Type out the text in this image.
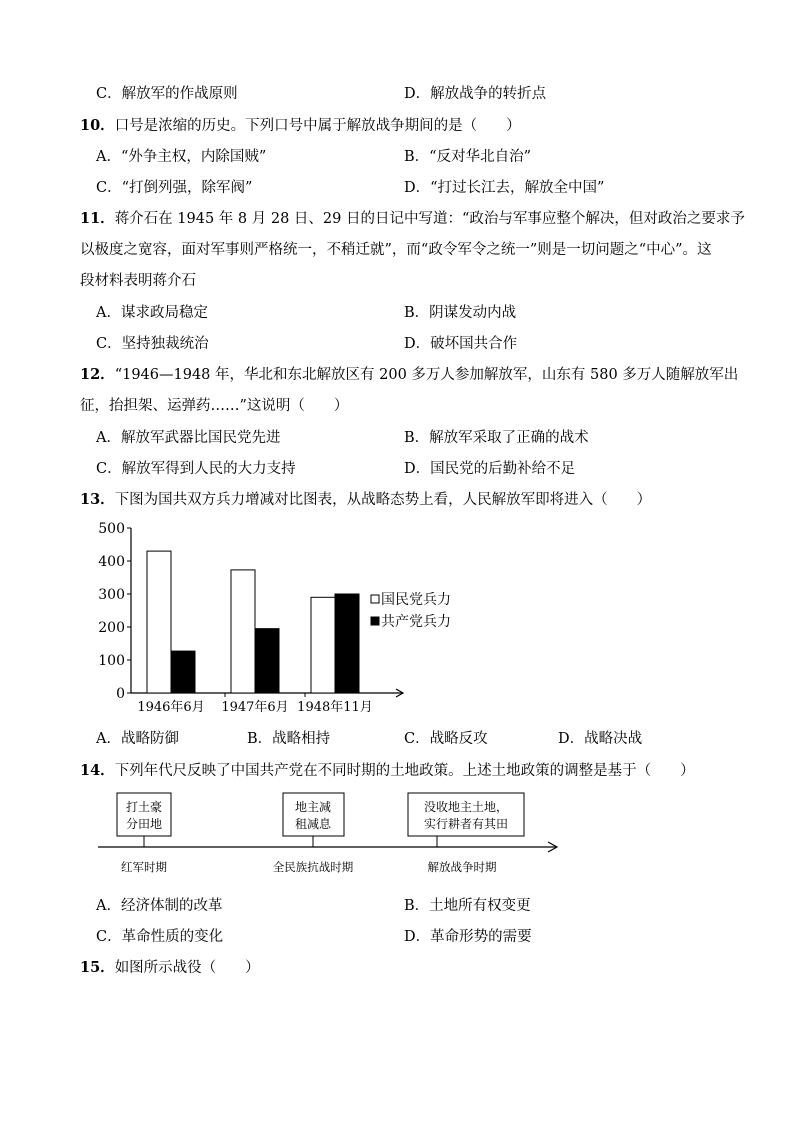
C．解放军的作战原则	D．解放战争的转折点
10．口号是浓缩的历史。下列口号中属于解放战争期间的是（　　）
A．“外争主权，内除国贼”	B．“反对华北自治”
C．“打倒列强，除军阀”	D．“打过长江去，解放全中国”
11．蒋介石在 1945 年 8 月 28 日、29 日的日记中写道：“政治与军事应整个解决，但对政治之要求予
以极度之宽容，面对军事则严格统一，不稍迁就”，而“政令军令之统一”则是一切问题之“中心”。这
段材料表明蒋介石
A．谋求政局稳定	B．阴谋发动内战
C．坚持独裁统治	D．破坏国共合作
12．“1946—1948 年，华北和东北解放区有 200 多万人参加解放军，山东有 580 多万人随解放军出
征，抬担架、运弹药……”这说明（　　）
A．解放军武器比国民党先进	B．解放军采取了正确的战术
C．解放军得到人民的大力支持	D．国民党的后勤补给不足
13．下图为国共双方兵力增减对比图表，从战略态势上看，人民解放军即将进入（　　）
0
100
200
300
400
500
1946年6月 1947年6月 1948年11月
国民党兵力
共产党兵力
A．战略防御	B．战略相持	C．战略反攻	D．战略决战
14．下列年代尺反映了中国共产党在不同时期的土地政策。上述土地政策的调整是基于（　　）
打土豪
分田地
红军时期
地主减
租减息
全民族抗战时期
没收地主土地，
实行耕者有其田
解放战争时期
A．经济体制的改革	B．土地所有权变更
C．革命性质的变化	D．革命形势的需要
15．如图所示战役（　　）
